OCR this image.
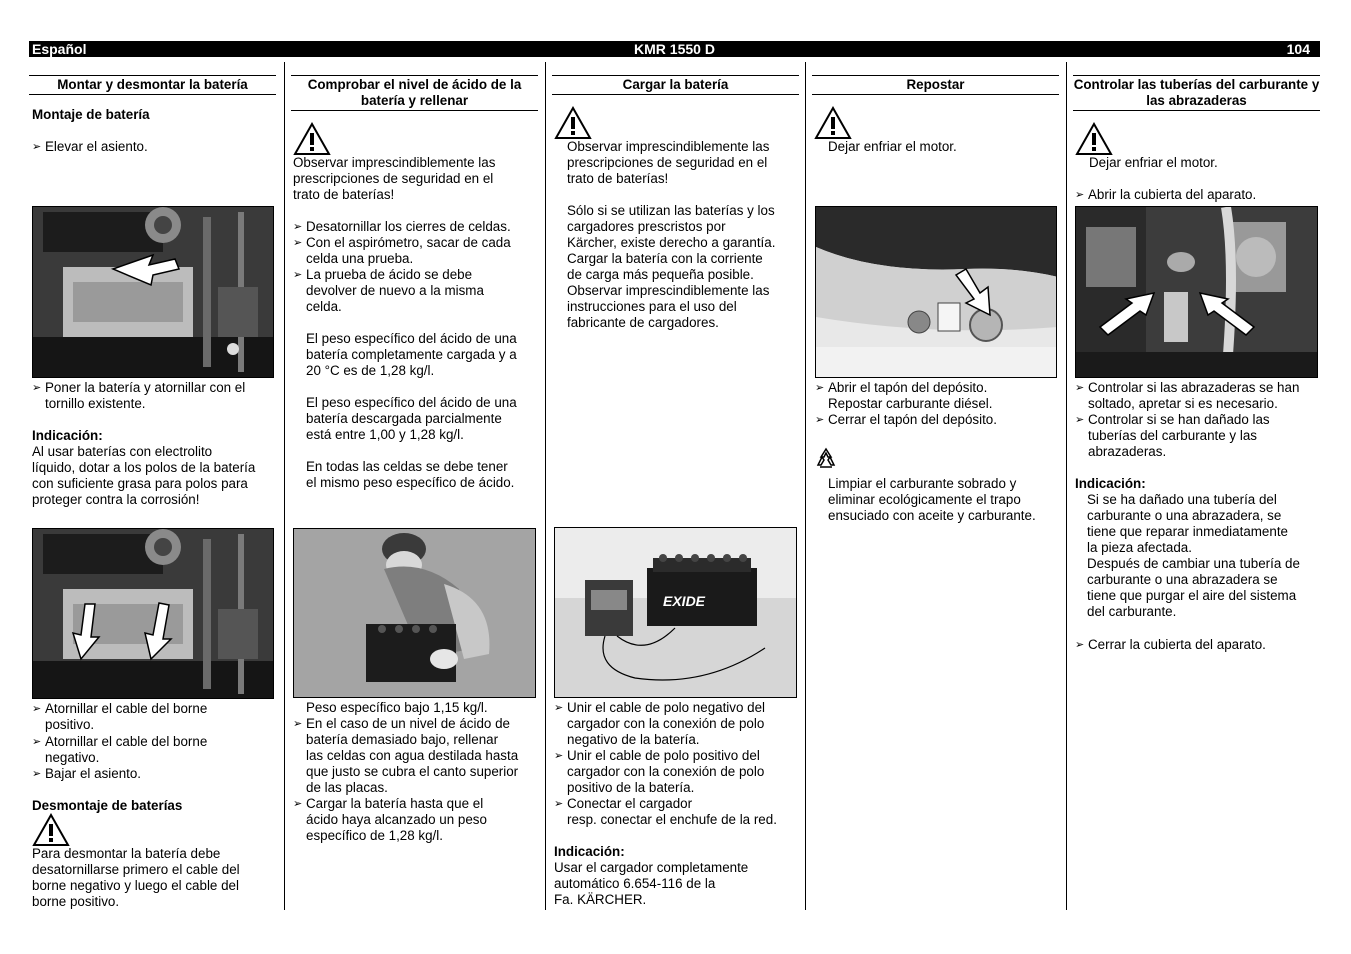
Español	KMR 1550 D	104
Montar y desmontar la batería
Montaje de batería
➢ Elevar el asiento.
➢ Poner la batería y atornillar con el
tornillo existente.
Indicación:
Al usar baterías con electrolito
líquido, dotar a los polos de la batería
con suficiente grasa para polos para
proteger contra la corrosión!
➢ Atornillar el cable del borne
positivo.
➢ Atornillar el cable del borne
negativo.
➢ Bajar el asiento.
Desmontaje de baterías
Para desmontar la batería debe
desatornillarse primero el cable del
borne negativo y luego el cable del
borne positivo.
Comprobar el nivel de ácido de la batería y rellenar
Observar imprescindiblemente las
prescripciones de seguridad en el
trato de baterías!
➢ Desatornillar los cierres de celdas.
➢ Con el aspirómetro, sacar de cada
celda una prueba.
➢ La prueba de ácido se debe
devolver de nuevo a la misma
celda.
El peso específico del ácido de una
batería completamente cargada y a
20 °C es de 1,28 kg/l.
El peso específico del ácido de una
batería descargada parcialmente
está entre 1,00 y 1,28 kg/l.
En todas las celdas se debe tener
el mismo peso específico de ácido.
Peso específico bajo 1,15 kg/l.
➢ En el caso de un nivel de ácido de
batería demasiado bajo, rellenar
las celdas con agua destilada hasta
que justo se cubra el canto superior
de las placas.
➢ Cargar la batería hasta que el
ácido haya alcanzado un peso
específico de 1,28 kg/l.
Cargar la batería
Observar imprescindiblemente las
prescripciones de seguridad en el
trato de baterías!
Sólo si se utilizan las baterías y los
cargadores prescristos por
Kärcher, existe derecho a garantía.
Cargar la batería con la corriente
de carga más pequeña posible.
Observar imprescindiblemente las
instrucciones para el uso del
fabricante de cargadores.
EXIDE
➢ Unir el cable de polo negativo del
cargador con la conexión de polo
negativo de la batería.
➢ Unir el cable de polo positivo del
cargador con la conexión de polo
positivo de la batería.
➢ Conectar el cargador
resp. conectar el enchufe de la red.
Indicación:
Usar el cargador completamente
automático 6.654-116 de la
Fa. KÄRCHER.
Repostar
Dejar enfriar el motor.
➢ Abrir el tapón del depósito.
Repostar carburante diésel.
➢ Cerrar el tapón del depósito.
Limpiar el carburante sobrado y
eliminar ecológicamente el trapo
ensuciado con aceite y carburante.
Controlar las tuberías del carburante y las abrazaderas
Dejar enfriar el motor.
➢ Abrir la cubierta del aparato.
➢ Controlar si las abrazaderas se han
soltado, apretar si es necesario.
➢ Controlar si se han dañado las
tuberías del carburante y las
abrazaderas.
Indicación:
Si se ha dañado una tubería del
carburante o una abrazadera, se
tiene que reparar inmediatamente
la pieza afectada.
Después de cambiar una tubería de
carburante o una abrazadera se
tiene que purgar el aire del sistema
del carburante.
➢ Cerrar la cubierta del aparato.
